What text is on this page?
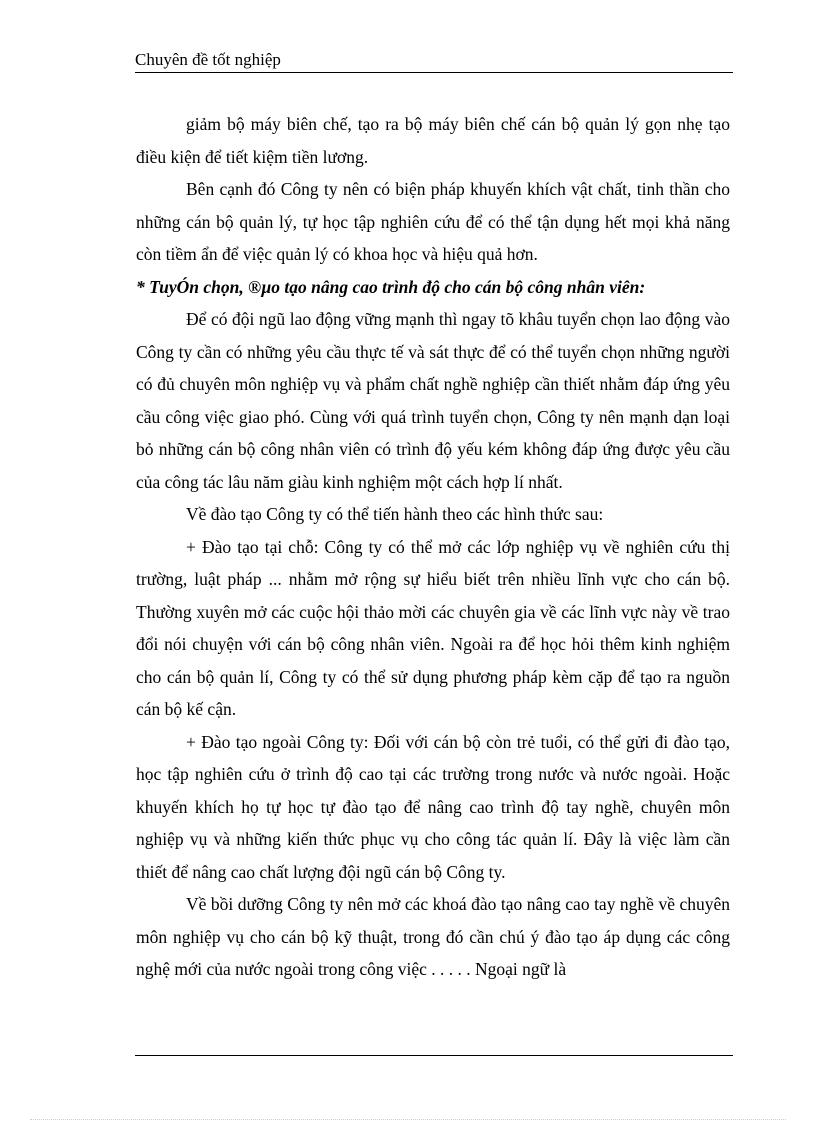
Chuyên đề tốt nghiệp

giảm bộ máy biên chế, tạo ra bộ máy biên chế cán bộ quản lý gọn nhẹ tạo điều kiện để tiết kiệm tiền lương.

Bên cạnh đó Công ty nên có biện pháp khuyến khích vật chất, tinh thần cho những cán bộ quản lý, tự học tập nghiên cứu để có thể tận dụng hết mọi khả năng còn tiềm ẩn để việc quản lý có khoa học và hiệu quả hơn.

* TuyÓn chọn, ®µo tạo nâng cao trình độ cho cán bộ công nhân viên:

Để có đội ngũ lao động vững mạnh thì ngay tõ khâu tuyển chọn lao động vào Công ty cần có những yêu cầu thực tế và sát thực để có thể tuyển chọn những người có đủ chuyên môn nghiệp vụ và phẩm chất nghề nghiệp cần thiết nhằm đáp ứng yêu cầu công việc giao phó. Cùng với quá trình tuyển chọn, Công ty nên mạnh dạn loại bỏ những cán bộ công nhân viên có trình độ yếu kém không đáp ứng được yêu cầu của công tác lâu năm giàu kinh nghiệm một cách hợp lí nhất.

Về đào tạo Công ty có thể tiến hành theo các hình thức sau:

+ Đào tạo tại chỗ: Công ty có thể mở các lớp nghiệp vụ về nghiên cứu thị trường, luật pháp ... nhằm mở rộng sự hiểu biết trên nhiều lĩnh vực cho cán bộ. Thường xuyên mở các cuộc hội thảo mời các chuyên gia về các lĩnh vực này về trao đổi nói chuyện với cán bộ công nhân viên. Ngoài ra để học hỏi thêm kinh nghiệm cho cán bộ quản lí, Công ty có thể sử dụng phương pháp kèm cặp để tạo ra nguồn cán bộ kế cận.

+ Đào tạo ngoài Công ty: Đối với cán bộ còn trẻ tuổi, có thể gửi đi đào tạo, học tập nghiên cứu ở trình độ cao tại các trường trong nước và nước ngoài. Hoặc khuyến khích họ tự học tự đào tạo để nâng cao trình độ tay nghề, chuyên môn nghiệp vụ và những kiến thức phục vụ cho công tác quản lí. Đây là việc làm cần thiết để nâng cao chất lượng đội ngũ cán bộ Công ty.

Về bồi dưỡng Công ty nên mở các khoá đào tạo nâng cao tay nghề về chuyên môn nghiệp vụ cho cán bộ kỹ thuật, trong đó cần chú ý đào tạo áp dụng các công nghệ mới của nước ngoài trong công việc . . . . . Ngoại ngữ là
